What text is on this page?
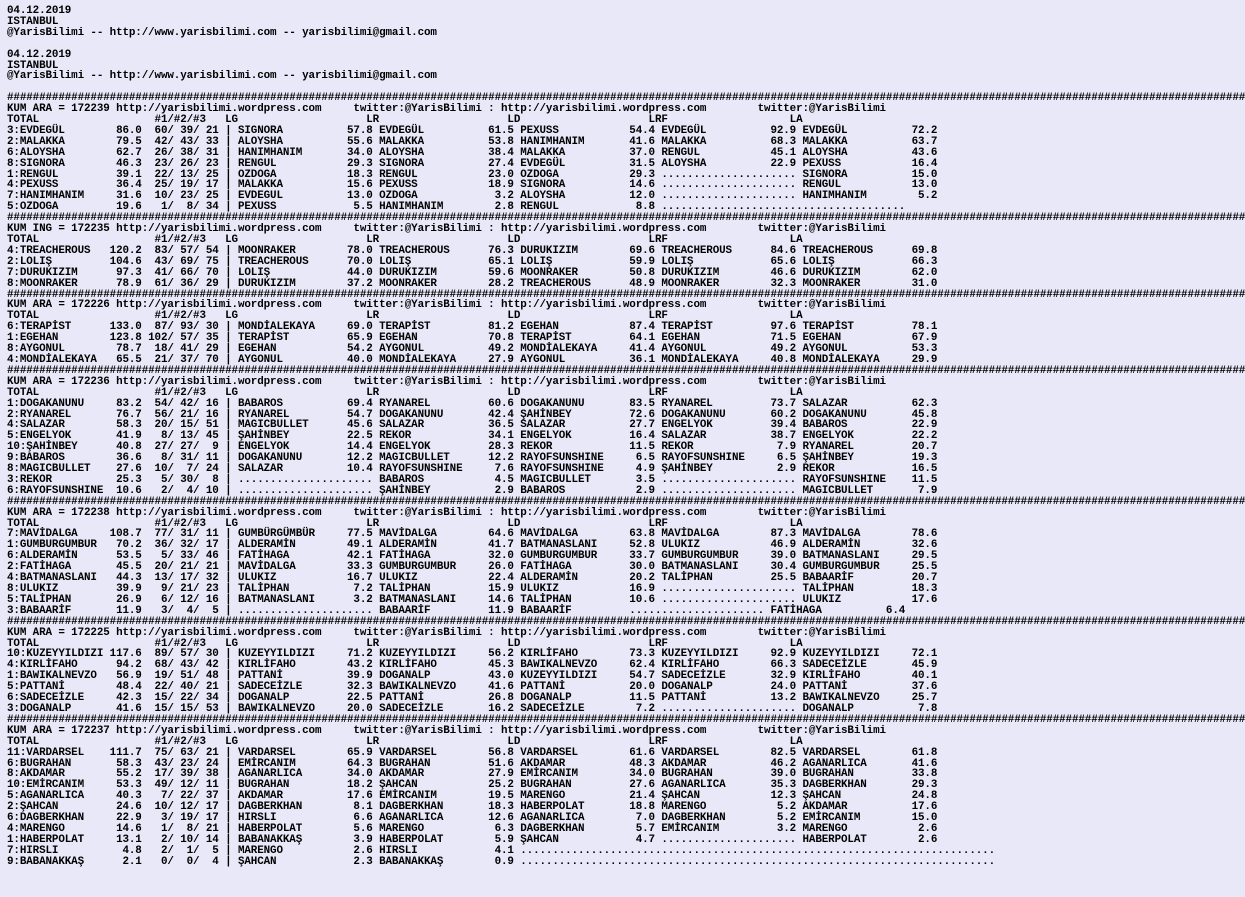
04.12.2019
ISTANBUL
@YarisBilimi -- http://www.yarisbilimi.com -- yarisbilimi@gmail.com
04.12.2019
ISTANBUL
@YarisBilimi -- http://www.yarisbilimi.com -- yarisbilimi@gmail.com
#################################################################################################################################################################################################
KUM ARA = 172239 http://yarisbilimi.wordpress.com     twitter:@YarisBilimi : http://yarisbilimi.wordpress.com        twitter:@YarisBilimi
TOTAL                  #1/#2/#3   LG                    LR                    LD                    LRF                   LA
3:EVDEGÜL        86.0  60/ 39/ 21 | SIGNORA          57.8 EVDEGÜL          61.5 PEXUSS           54.4 EVDEGÜL          92.9 EVDEGÜL          72.2
2:MALAKKA        79.5  42/ 43/ 33 | ALOYSHA          55.6 MALAKKA          53.8 HANIMHANIM       41.6 MALAKKA          68.3 MALAKKA          63.7
6:ALOYSHA        62.7  26/ 38/ 31 | HANIMHANIM       34.0 ALOYSHA          38.4 MALAKKA          37.0 RENGUL           45.1 ALOYSHA          43.6
8:SIGNORA        46.3  23/ 26/ 23 | RENGUL           29.3 SIGNORA          27.4 EVDEGÜL          31.5 ALOYSHA          22.9 PEXUSS           16.4
1:RENGUL         39.1  22/ 13/ 25 | OZDOGA           18.3 RENGUL           23.0 OZDOGA           29.3 ..................... SIGNORA          15.0
4:PEXUSS         36.4  25/ 19/ 17 | MALAKKA          15.6 PEXUSS           18.9 SIGNORA          14.6 ..................... RENGUL           13.0
7:HANIMHANIM     31.6  10/ 23/ 25 | EVDEGUL          13.0 OZDOGA            3.2 ALOYSHA          12.0 ..................... HANIMHANIM        5.2
5:OZDOGA         19.6   1/  8/ 34 | PEXUSS            5.5 HANIMHANIM        2.8 RENGUL            8.8 ......................................
#################################################################################################################################################################################################
KUM ING = 172235 http://yarisbilimi.wordpress.com     twitter:@YarisBilimi : http://yarisbilimi.wordpress.com        twitter:@YarisBilimi
TOTAL                  #1/#2/#3   LG                    LR                    LD                    LRF                   LA
4:TREACHEROUS   120.2  83/ 57/ 54 | MOONRAKER        78.0 TREACHEROUS      76.3 DURUKIZIM        69.6 TREACHEROUS      84.6 TREACHEROUS      69.8
2:LOLIŞ         104.6  43/ 69/ 75 | TREACHEROUS      70.0 LOLIŞ            65.1 LOLIŞ            59.9 LOLIŞ            65.6 LOLIŞ            66.3
7:DURUKIZIM      97.3  41/ 66/ 70 | LOLIŞ            44.0 DURUKIZIM        59.6 MOONRAKER        50.8 DURUKIZIM        46.6 DURUKIZIM        62.0
8:MOONRAKER      78.9  61/ 36/ 29 | DURUKIZIM        37.2 MOONRAKER        28.2 TREACHEROUS      48.9 MOONRAKER        32.3 MOONRAKER        31.0
#################################################################################################################################################################################################
KUM ARA = 172226 http://yarisbilimi.wordpress.com     twitter:@YarisBilimi : http://yarisbilimi.wordpress.com        twitter:@YarisBilimi
TOTAL                  #1/#2/#3   LG                    LR                    LD                    LRF                   LA
6:TERAPİST      133.0  87/ 93/ 30 | MONDİALEKAYA     69.0 TERAPİST         81.2 EGEHAN           87.4 TERAPİST         97.6 TERAPİST         78.1
1:EGEHAN        123.8 102/ 57/ 35 | TERAPİST         65.9 EGEHAN           70.8 TERAPİST         64.1 EGEHAN           71.5 EGEHAN           67.9
8:AYGONUL        78.7  18/ 41/ 29 | EGEHAN           54.2 AYGONUL          49.2 MONDİALEKAYA     41.4 AYGONUL          49.2 AYGONUL          53.3
4:MONDİALEKAYA   65.5  21/ 37/ 70 | AYGONUL          40.0 MONDİALEKAYA     27.9 AYGONUL          36.1 MONDİALEKAYA     40.8 MONDİALEKAYA     29.9
#################################################################################################################################################################################################
KUM ARA = 172236 http://yarisbilimi.wordpress.com     twitter:@YarisBilimi : http://yarisbilimi.wordpress.com        twitter:@YarisBilimi
TOTAL                  #1/#2/#3   LG                    LR                    LD                    LRF                   LA
1:DOGAKANUNU     83.2  54/ 42/ 16 | BABAROS          69.4 RYANAREL         60.6 DOGAKANUNU       83.5 RYANAREL         73.7 SALAZAR          62.3
2:RYANAREL       76.7  56/ 21/ 16 | RYANAREL         54.7 DOGAKANUNU       42.4 ŞAHİNBEY         72.6 DOGAKANUNU       60.2 DOGAKANUNU       45.8
4:SALAZAR        58.3  20/ 15/ 51 | MAGICBULLET      45.6 SALAZAR          36.5 SALAZAR          27.7 ENGELYOK         39.4 BABAROS          22.9
5:ENGELYOK       41.9   8/ 13/ 45 | ŞAHİNBEY         22.5 REKOR            34.1 ENGELYOK         16.4 SALAZAR          38.7 ENGELYOK         22.2
10:ŞAHİNBEY      40.8  27/ 27/  9 | ENGELYOK         14.4 ENGELYOK         28.3 REKOR            11.5 REKOR             7.9 RYANAREL         20.7
9:BABAROS        36.6   8/ 31/ 11 | DOGAKANUNU       12.2 MAGICBULLET      12.2 RAYOFSUNSHINE     6.5 RAYOFSUNSHINE     6.5 ŞAHİNBEY         19.3
8:MAGICBULLET    27.6  10/  7/ 24 | SALAZAR          10.4 RAYOFSUNSHINE     7.6 RAYOFSUNSHINE     4.9 ŞAHİNBEY          2.9 REKOR            16.5
3:REKOR          25.3   5/ 30/  8 | ..................... BABAROS           4.5 MAGICBULLET       3.5 ..................... RAYOFSUNSHINE    11.5
6:RAYOFSUNSHINE  10.6   2/  4/ 10 | ..................... ŞAHİNBEY          2.9 BABAROS           2.9 ..................... MAGICBULLET       7.9
#################################################################################################################################################################################################
KUM ARA = 172238 http://yarisbilimi.wordpress.com     twitter:@YarisBilimi : http://yarisbilimi.wordpress.com        twitter:@YarisBilimi
TOTAL                  #1/#2/#3   LG                    LR                    LD                    LRF                   LA
7:MAVİDALGA     108.7  77/ 31/ 11 | GUMBÜRGÜMBÜR     77.5 MAVİDALGA        64.6 MAVİDALGA        63.8 MAVİDALGA        87.3 MAVİDALGA        78.6
1:GUMBURGUMBUR   70.2  36/ 32/ 17 | ALDERAMİN        49.1 ALDERAMİN        41.7 BATMANASLANI     52.8 ULUKIZ           46.9 ALDERAMİN        32.6
6:ALDERAMİN      53.5   5/ 33/ 46 | FATİHAGA         42.1 FATİHAGA         32.0 GUMBURGUMBUR     33.7 GUMBURGUMBUR     39.0 BATMANASLANI     29.5
2:FATİHAGA       45.5  20/ 21/ 21 | MAVİDALGA        33.3 GUMBURGUMBUR     26.0 FATİHAGA         30.0 BATMANASLANI     30.4 GUMBURGUMBUR     25.5
4:BATMANASLANI   44.3  13/ 17/ 32 | ULUKIZ           16.7 ULUKIZ           22.4 ALDERAMİN        20.2 TALİPHAN         25.5 BABAARİF         20.7
8:ULUKIZ         39.9   9/ 21/ 23 | TALİPHAN          7.2 TALİPHAN         15.9 ULUKIZ           16.9 ..................... TALİPHAN         18.3
5:TALİPHAN       26.9   6/ 12/ 16 | BATMANASLANI      3.2 BATMANASLANI     14.6 TALİPHAN         10.6 ..................... ULUKIZ           17.6
3:BABAARİF       11.9   3/  4/  5 | ..................... BABAARİF         11.9 BABAARİF         ..................... FATİHAGA          6.4
#################################################################################################################################################################################################
KUM ARA = 172225 http://yarisbilimi.wordpress.com     twitter:@YarisBilimi : http://yarisbilimi.wordpress.com        twitter:@YarisBilimi
TOTAL                  #1/#2/#3   LG                    LR                    LD                    LRF                   LA
10:KUZEYYILDIZI 117.6  89/ 57/ 30 | KUZEYYILDIZI     71.2 KUZEYYILDIZI     56.2 KIRLİFAHO        73.3 KUZEYYILDIZI     92.9 KUZEYYILDIZI     72.1
4:KIRLİFAHO      94.2  68/ 43/ 42 | KIRLİFAHO        43.2 KIRLİFAHO        45.3 BAWIKALNEVZO     62.4 KIRLİFAHO        66.3 SADECEİZLE       45.9
1:BAWIKALNEVZO   56.9  19/ 51/ 48 | PATTANİ          39.9 DOGANALP         43.0 KUZEYYILDIZI     54.7 SADECEİZLE       32.9 KIRLİFAHO        40.1
5:PATTANİ        48.4  22/ 40/ 21 | SADECEİZLE       32.3 BAWIKALNEVZO     41.6 PATTANİ          20.0 DOGANALP         24.0 PATTANİ          37.6
6:SADECEİZLE     42.3  15/ 22/ 34 | DOGANALP         22.5 PATTANİ          26.8 DOGANALP         11.5 PATTANİ          13.2 BAWIKALNEVZO     25.7
3:DOGANALP       41.6  15/ 15/ 53 | BAWIKALNEVZO     20.0 SADECEİZLE       16.2 SADECEİZLE        7.2 ..................... DOGANALP          7.8
#################################################################################################################################################################################################
KUM ARA = 172237 http://yarisbilimi.wordpress.com     twitter:@YarisBilimi : http://yarisbilimi.wordpress.com        twitter:@YarisBilimi
TOTAL                  #1/#2/#3   LG                    LR                    LD                    LRF                   LA
11:VARDARSEL    111.7  75/ 63/ 21 | VARDARSEL        65.9 VARDARSEL        56.8 VARDARSEL        61.6 VARDARSEL        82.5 VARDARSEL        61.8
6:BUGRAHAN       58.3  43/ 23/ 24 | EMİRCANIM        64.3 BUGRAHAN         51.6 AKDAMAR          48.3 AKDAMAR          46.2 AGANARLICA       41.6
8:AKDAMAR        55.2  17/ 39/ 38 | AGANARLICA       34.0 AKDAMAR          27.9 EMİRCANIM        34.0 BUGRAHAN         39.0 BUGRAHAN         33.8
10:EMİRCANIM     53.3  49/ 12/ 11 | BUGRAHAN         18.2 ŞAHCAN           25.2 BUGRAHAN         27.6 AGANARLICA       35.3 DAGBERKHAN       29.3
5:AGANARLICA     40.3   7/ 22/ 37 | AKDAMAR          17.6 EMİRCANIM        19.5 MARENGO          21.4 ŞAHCAN           12.3 ŞAHCAN           24.8
2:ŞAHCAN         24.6  10/ 12/ 17 | DAGBERKHAN        8.1 DAGBERKHAN       18.3 HABERPOLAT       18.8 MARENGO           5.2 AKDAMAR          17.6
6:DAGBERKHAN     22.9   3/ 19/ 17 | HIRSLI            6.6 AGANARLICA       12.6 AGANARLICA        7.0 DAGBERKHAN        5.2 EMİRCANIM        15.0
4:MARENGO        14.6   1/  8/ 21 | HABERPOLAT        5.6 MARENGO           6.3 DAGBERKHAN        5.7 EMİRCANIM         3.2 MARENGO           2.6
1:HABERPOLAT     13.1   2/ 10/ 14 | BABANAKKAŞ        3.9 HABERPOLAT        5.9 ŞAHCAN            4.7 ..................... HABERPOLAT        2.6
7:HIRSLI          4.8   2/  1/  5 | MARENGO           2.6 HIRSLI            4.1 ..........................................................................
9:BABANAKKAŞ      2.1   0/  0/  4 | ŞAHCAN            2.3 BABANAKKAŞ        0.9 ..........................................................................
